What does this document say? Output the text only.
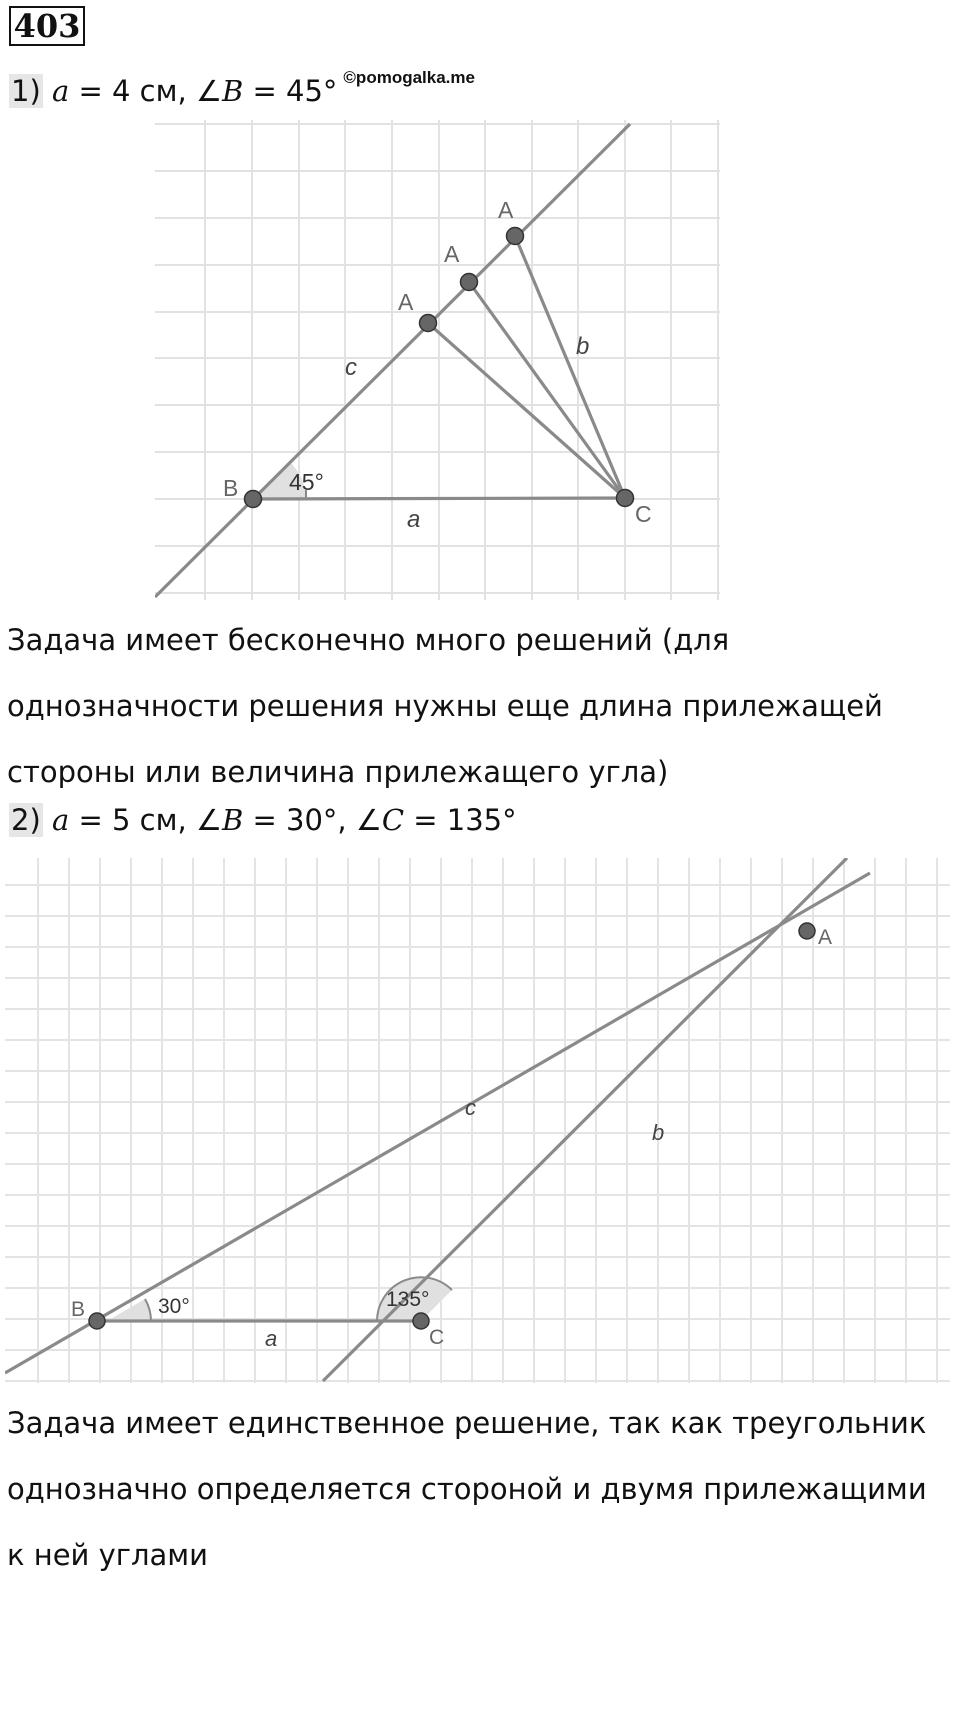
403
1) a = 4 см, ∠B = 45° $^{©pomogalka.me}$
A
A
A
B
C
a
b
c
45°
Задача имеет бесконечно много решений (для
однозначности решения нужны еще длина прилежащей
стороны или величина прилежащего угла)
2) a = 5 см, ∠B = 30°, ∠C = 135°
A
B
C
a
b
c
30°	135°
Задача имеет единственное решение, так как треугольник
однозначно определяется стороной и двумя прилежащими
к ней углами
